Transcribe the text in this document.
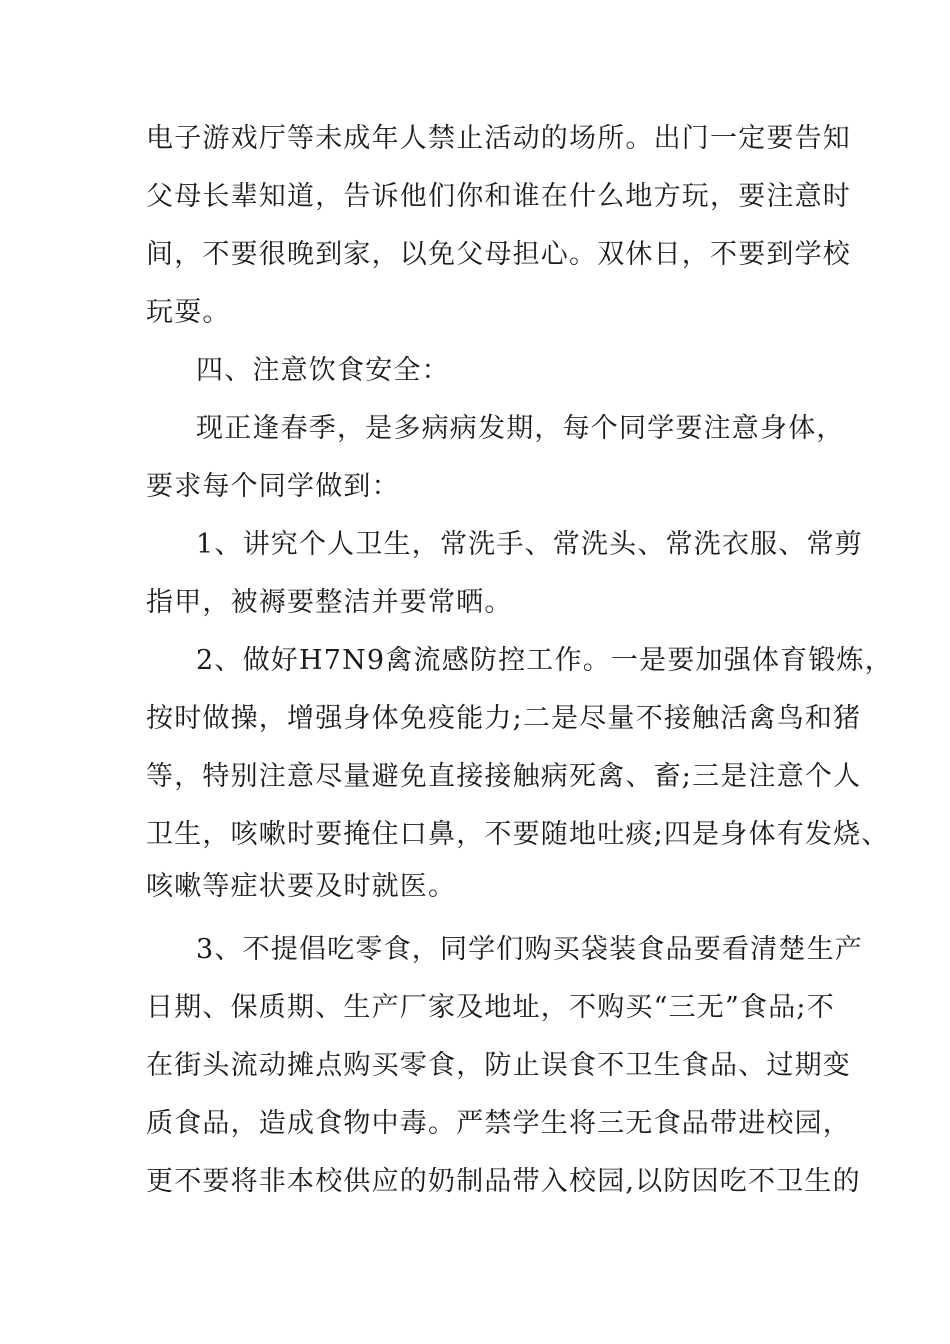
电子游戏厅等未成年人禁止活动的场所。出门一定要告知
父母长辈知道，告诉他们你和谁在什么地方玩，要注意时
间，不要很晚到家，以免父母担心。双休日，不要到学校
玩耍。
四、注意饮食安全：
现正逢春季，是多病病发期，每个同学要注意身体，
要求每个同学做到：
1、讲究个人卫生，常洗手、常洗头、常洗衣服、常剪
指甲，被褥要整洁并要常晒。
2、做好H7N9禽流感防控工作。一是要加强体育锻炼，
按时做操，增强身体免疫能力;二是尽量不接触活禽鸟和猪
等，特别注意尽量避免直接接触病死禽、畜;三是注意个人
卫生，咳嗽时要掩住口鼻，不要随地吐痰;四是身体有发烧、
咳嗽等症状要及时就医。
3、不提倡吃零食，同学们购买袋装食品要看清楚生产
日期、保质期、生产厂家及地址，不购买“三无”食品;不
在街头流动摊点购买零食，防止误食不卫生食品、过期变
质食品，造成食物中毒。严禁学生将三无食品带进校园，
更不要将非本校供应的奶制品带入校园,以防因吃不卫生的
